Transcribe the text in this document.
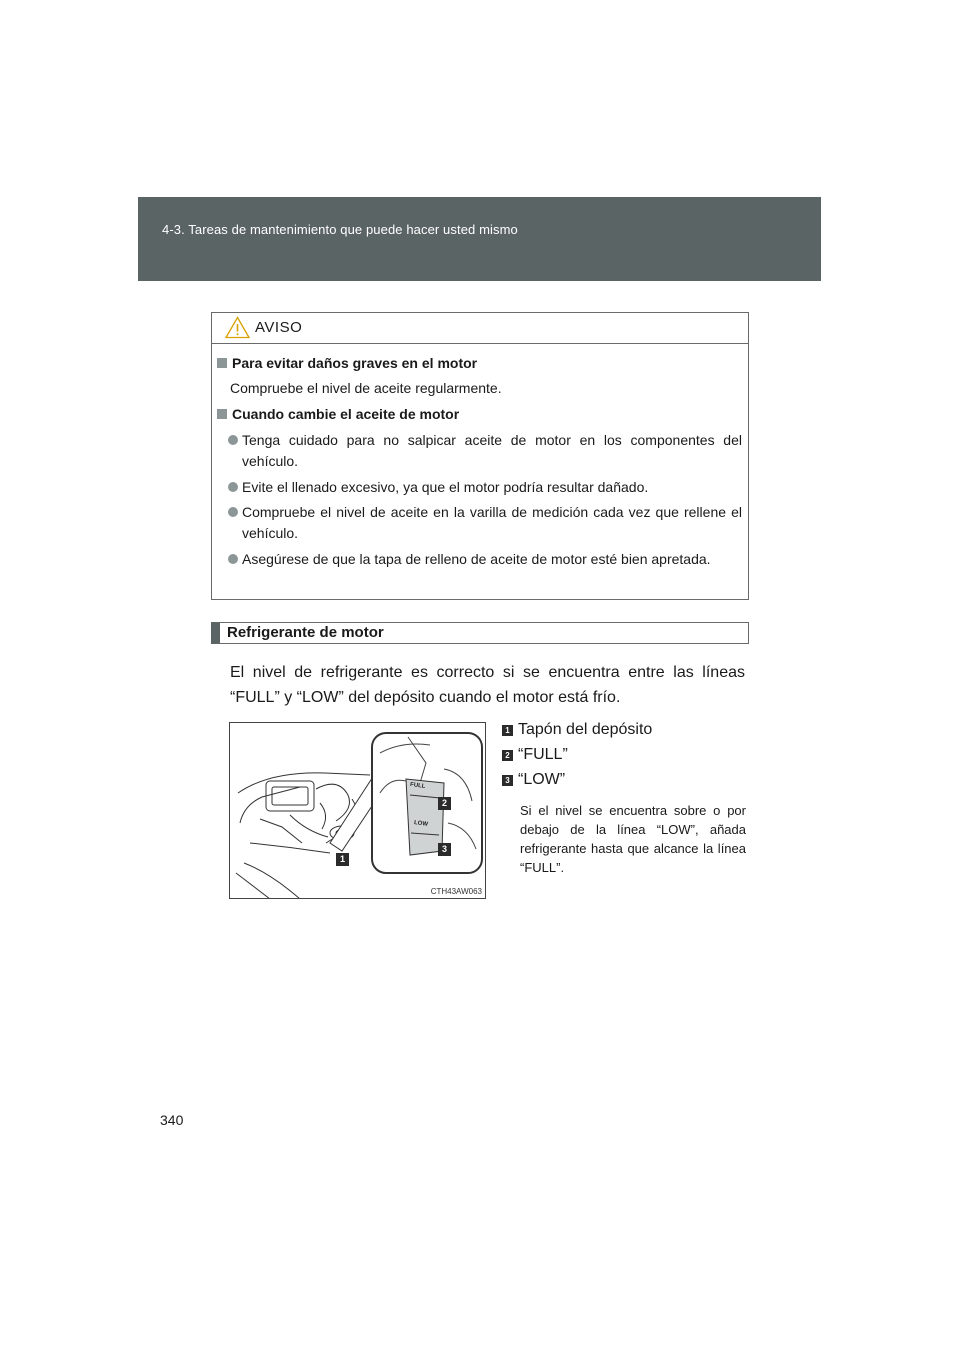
4-3. Tareas de mantenimiento que puede hacer usted mismo
AVISO
Para evitar daños graves en el motor
Compruebe el nivel de aceite regularmente.
Cuando cambie el aceite de motor
Tenga cuidado para no salpicar aceite de motor en los componentes del vehículo.
Evite el llenado excesivo, ya que el motor podría resultar dañado.
Compruebe el nivel de aceite en la varilla de medición cada vez que rellene el vehículo.
Asegúrese de que la tapa de relleno de aceite de motor esté bien apretada.
Refrigerante de motor
El nivel de refrigerante es correcto si se encuentra entre las líneas “FULL” y “LOW” del depósito cuando el motor está frío.
FULL
LOW
2
3
1
CTH43AW063
1 Tapón del depósito
2 “FULL”
3 “LOW”
Si el nivel se encuentra sobre o por debajo de la línea “LOW”, añada refrigerante hasta que alcance la línea “FULL”.
340
